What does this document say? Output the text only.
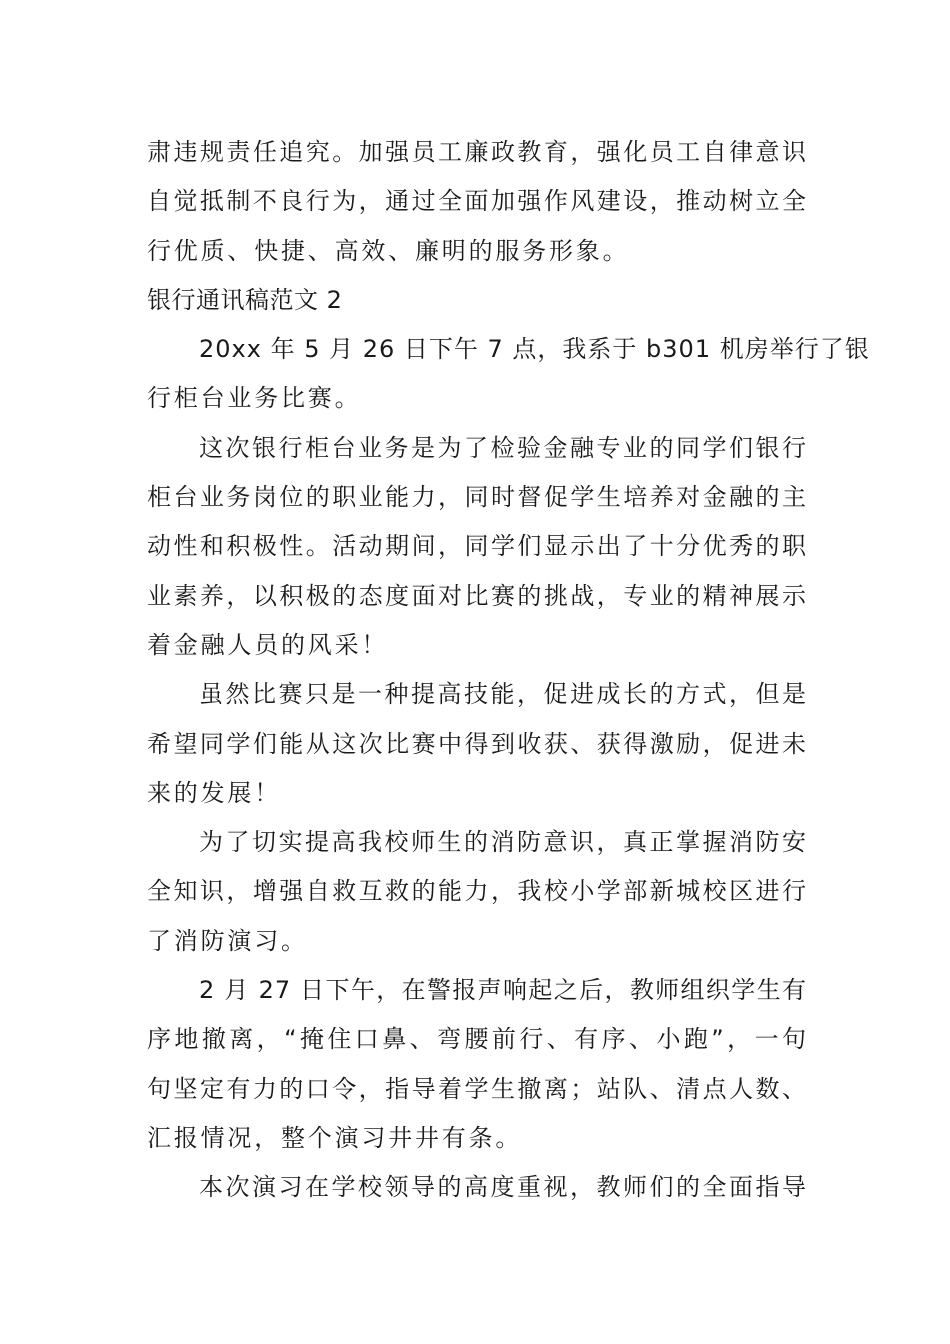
肃违规责任追究。加强员工廉政教育，强化员工自律意识
自觉抵制不良行为，通过全面加强作风建设，推动树立全
行优质、快捷、高效、廉明的服务形象。
银行通讯稿范文 2
20xx 年 5 月 26 日下午 7 点，我系于 b301 机房举行了银
行柜台业务比赛。
这次银行柜台业务是为了检验金融专业的同学们银行
柜台业务岗位的职业能力，同时督促学生培养对金融的主
动性和积极性。活动期间，同学们显示出了十分优秀的职
业素养，以积极的态度面对比赛的挑战，专业的精神展示
着金融人员的风采！
虽然比赛只是一种提高技能，促进成长的方式，但是
希望同学们能从这次比赛中得到收获、获得激励，促进未
来的发展！
为了切实提高我校师生的消防意识，真正掌握消防安
全知识，增强自救互救的能力，我校小学部新城校区进行
了消防演习。
2 月 27 日下午，在警报声响起之后，教师组织学生有
序地撤离，“掩住口鼻、弯腰前行、有序、小跑”，一句
句坚定有力的口令，指导着学生撤离；站队、清点人数、
汇报情况，整个演习井井有条。
本次演习在学校领导的高度重视，教师们的全面指导
